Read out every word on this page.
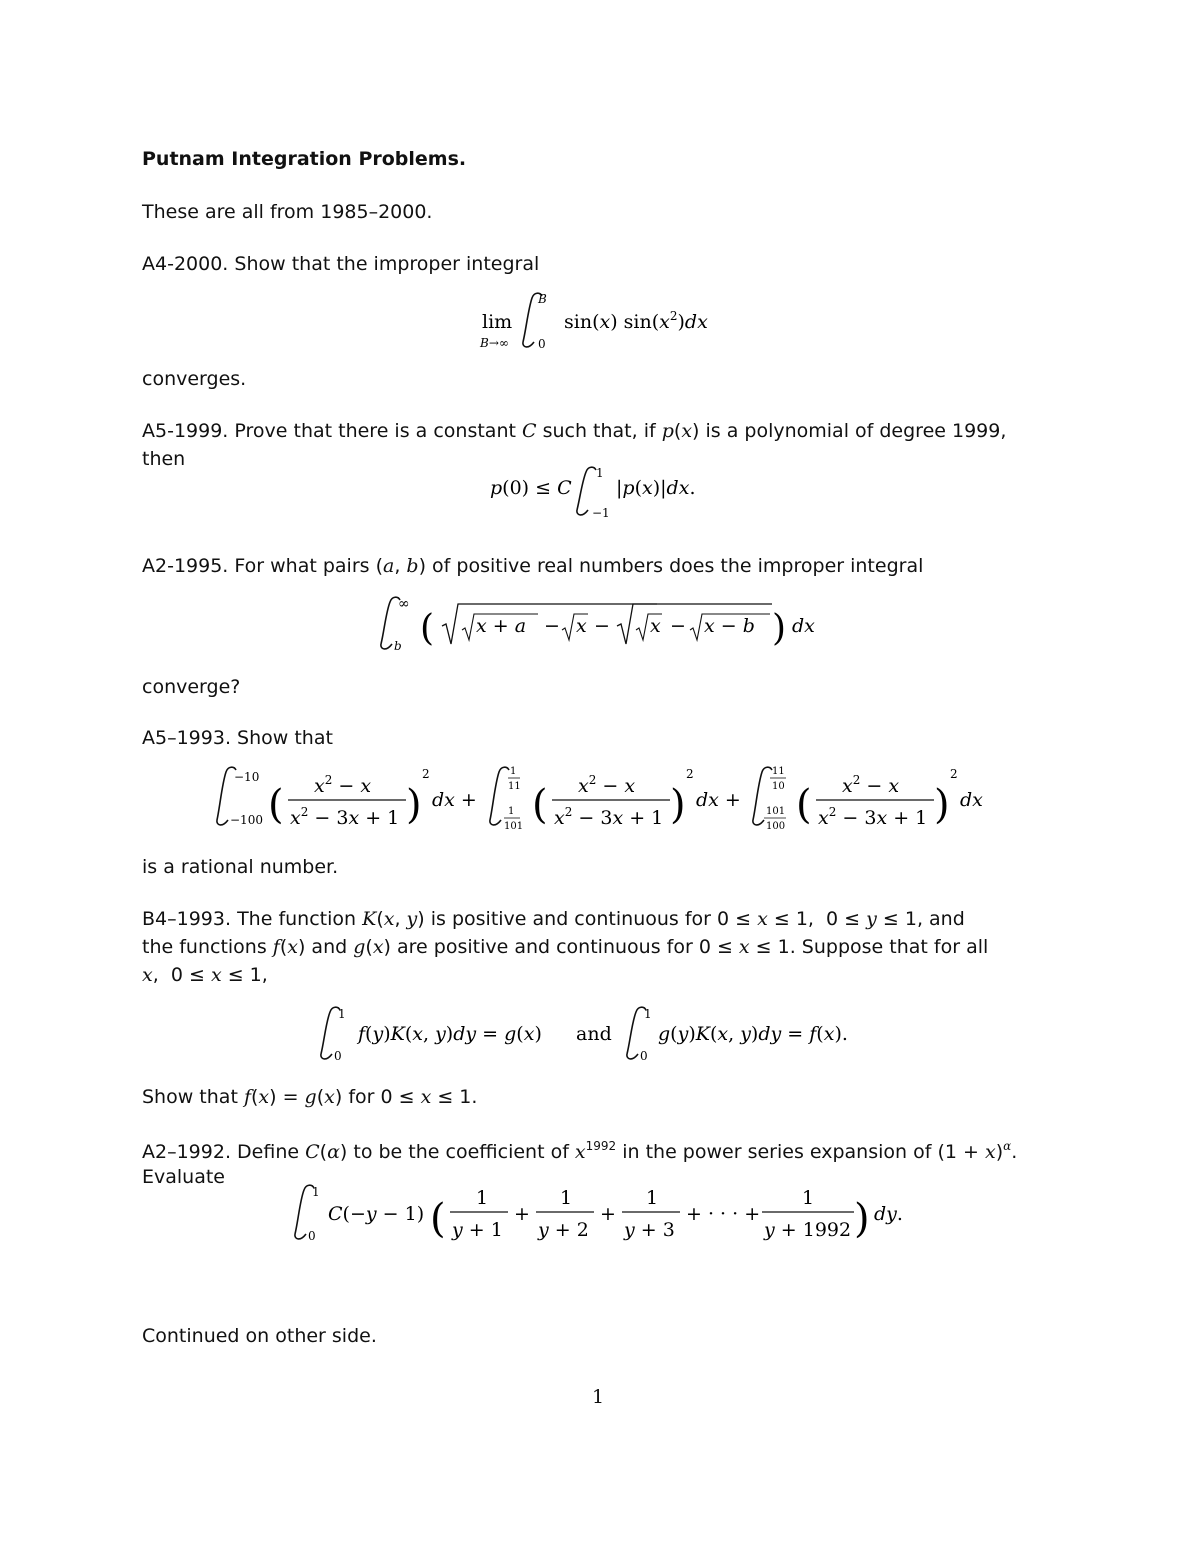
Putnam Integration Problems.
These are all from 1985–2000.
A4-2000. Show that the improper integral
lim
B→∞
B
0
sin(x) $\sin(x^2)dx$
converges.
A5-1999. Prove that there is a constant C such that, if p(x) is a polynomial of degree 1999,
then
p(0) ≤ C
1
−1
|p(x)|dx.
A2-1995. For what pairs (a, b) of positive real numbers does the improper integral
∞
b ( x + a − x − x − x − b ) dx
converge?
A5–1993. Show that
−10
−100 ( $x^2 - x$
$x^2 - 3x + 1$ )
2
dx +
1
11
1
101 ( $x^2 - x$
$x^2 - 3x + 1$ )
2
dx +
11
10
101
100 ( $x^2 - x$
$x^2 - 3x + 1$ )
2
dx
is a rational number.
B4–1993. The function K(x, y) is positive and continuous for 0 ≤ x ≤ 1,  0 ≤ y ≤ 1, and
the functions f(x) and g(x) are positive and continuous for 0 ≤ x ≤ 1. Suppose that for all
x,  0 ≤ x ≤ 1,
1
0
f(y)K(x, y)dy = g(x) and
1
0
g(y)K(x, y)dy = f(x).
Show that f(x) = g(x) for 0 ≤ x ≤ 1.
A2–1992. Define C(α) to be the coefficient of $x^{1992}$ in the power series expansion of $(1 + x)^\alpha$.
Evaluate
1
0
C(−y − 1) ( 1
y + 1
+
1
y + 2
+
1
y + 3
+ · · · +
1
y + 1992 ) dy.
Continued on other side.
1
